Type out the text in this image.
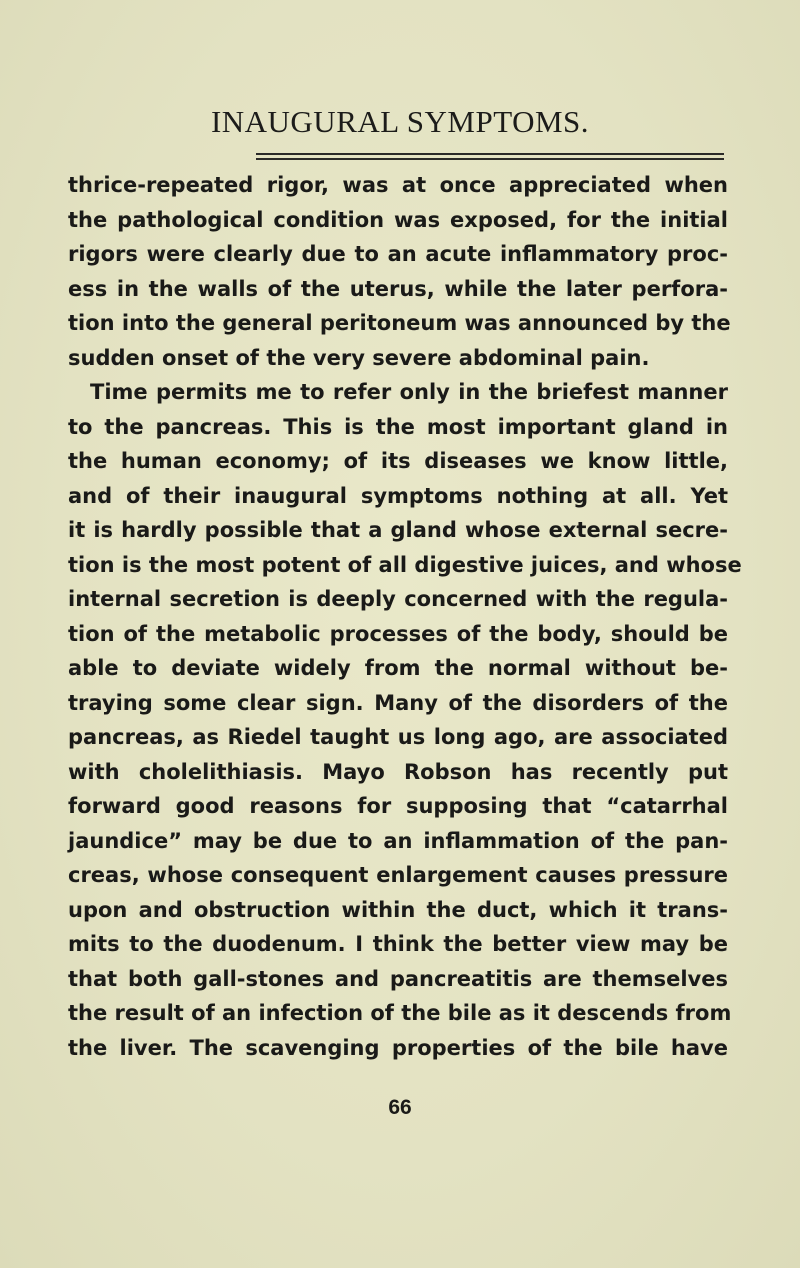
INAUGURAL SYMPTOMS.
thrice-repeated rigor, was at once appreciated when
the pathological condition was exposed, for the initial
rigors were clearly due to an acute inflammatory proc-
ess in the walls of the uterus, while the later perfora-
tion into the general peritoneum was announced by the
sudden onset of the very severe abdominal pain.
Time permits me to refer only in the briefest manner
to the pancreas. This is the most important gland in
the human economy; of its diseases we know little,
and of their inaugural symptoms nothing at all. Yet
it is hardly possible that a gland whose external secre-
tion is the most potent of all digestive juices, and whose
internal secretion is deeply concerned with the regula-
tion of the metabolic processes of the body, should be
able to deviate widely from the normal without be-
traying some clear sign. Many of the disorders of the
pancreas, as Riedel taught us long ago, are associated
with cholelithiasis. Mayo Robson has recently put
forward good reasons for supposing that “catarrhal
jaundice” may be due to an inflammation of the pan-
creas, whose consequent enlargement causes pressure
upon and obstruction within the duct, which it trans-
mits to the duodenum. I think the better view may be
that both gall-stones and pancreatitis are themselves
the result of an infection of the bile as it descends from
the liver. The scavenging properties of the bile have
66
